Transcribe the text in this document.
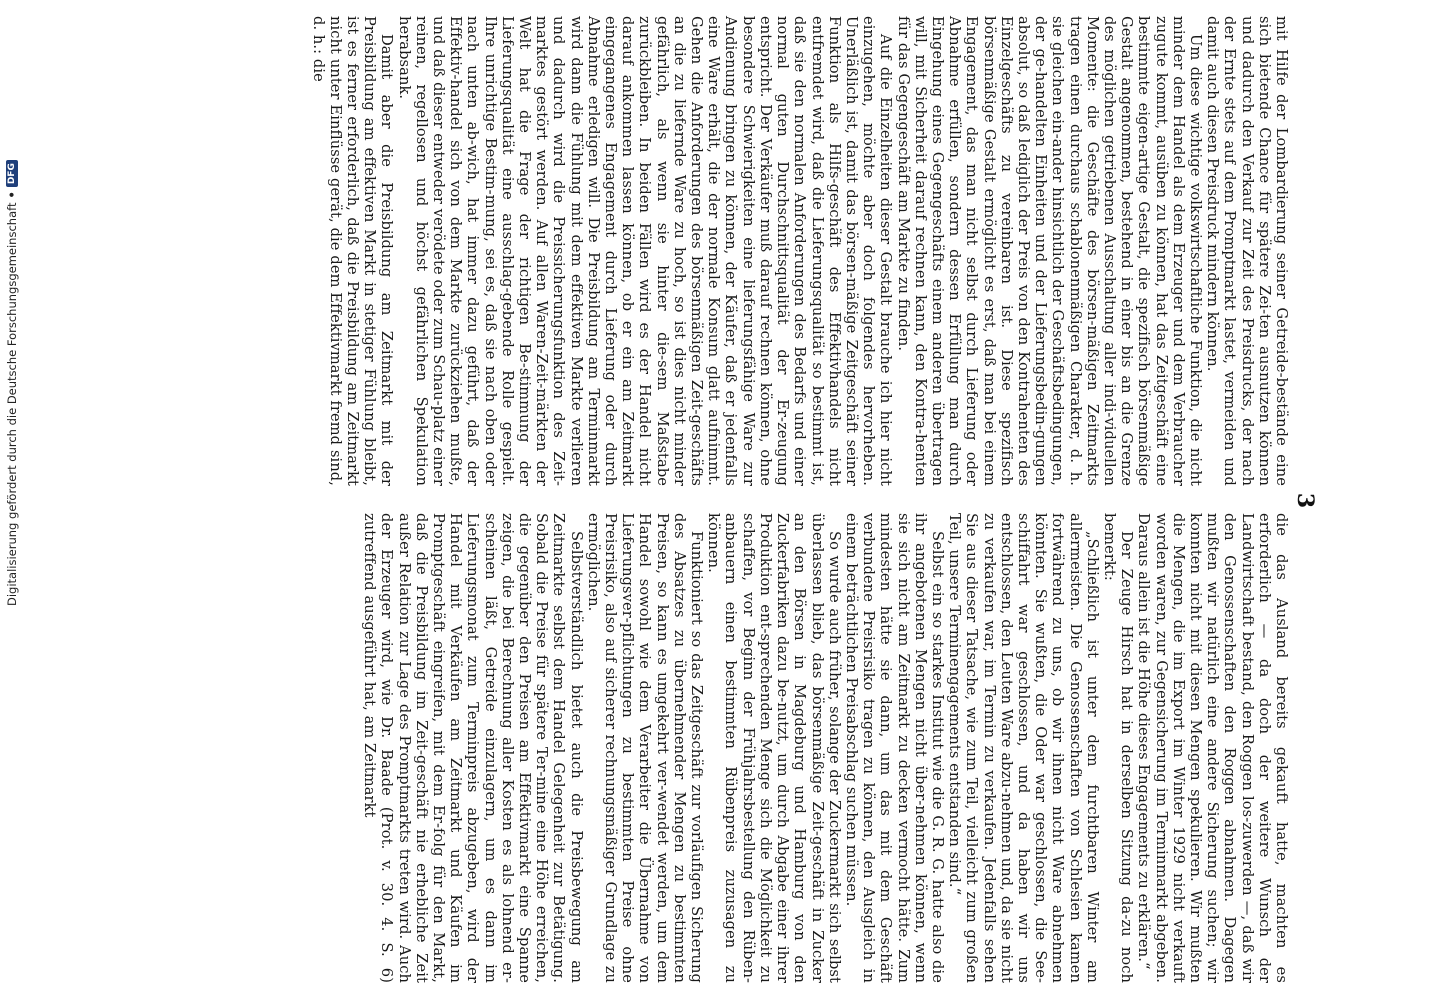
3

mit Hilfe der Lombardierung seiner Getreide-bestände eine sich bietende Chance für spätere Zei-ten ausnutzen können und dadurch den Verkauf zur Zeit des Preisdrucks, der nach der Ernte stets auf dem Promptmarkt lastet, vermeiden und damit auch diesen Preisdruck mindern können.

Um diese wichtige volkswirtschaftliche Funktion, die nicht minder dem Handel als dem Erzeuger und dem Verbraucher zugute kommt, ausüben zu können, hat das Zeitgeschäft eine bestimmte eigen-artige Gestalt, die spezifisch börsenmäßige Gestalt angenommen, bestehend in einer bis an die Grenze des möglichen getriebenen Ausschaltung aller indi-viduellen Momente: die Geschäfte des börsen-mäßigen Zeitmarkts tragen einen durchaus schablonenmäßigen Charakter, d. h. sie gleichen ein-ander hinsichtlich der Geschäftsbedingungen, der ge-handelten Einheiten und der Lieferungsbedin-gungen absolut, so daß lediglich der Preis von den Kontrahenten des Einzelgeschäfts zu vereinbaren ist. Diese spezifisch börsenmäßige Gestalt ermöglicht es erst, daß man bei einem Engagement, das man nicht selbst durch Lieferung oder Abnahme erfüllen, sondern dessen Erfüllung man durch Eingehung eines Gegengeschäfts einem anderen übertragen will, mit Sicherheit darauf rechnen kann, den Kontra-henten für das Gegengeschäft am Markte zu finden.

Auf die Einzelheiten dieser Gestalt brauche ich hier nicht einzugehen, möchte aber doch folgendes hervorheben. Unerläßlich ist, damit das börsen-mäßige Zeitgeschäft seiner Funktion als Hilfs-geschäft des Effektivhandels nicht entfremdet wird, daß die Lieferungsqualität so bestimmt ist, daß sie den normalen Anforderungen des Bedarfs und einer normal guten Durchschnittsqualität der Er-zeugung entspricht. Der Verkäufer muß darauf rechnen können, ohne besondere Schwierigkeiten eine lieferungsfähige Ware zur Andienung bringen zu können, der Käufer, daß er jedenfalls eine Ware erhält, die der normale Konsum glatt aufnimmt. Gehen die Anforderungen des börsenmäßigen Zeit-geschäfts an die zu liefernde Ware zu hoch, so ist dies nicht minder gefährlich, als wenn sie hinter die-sem Maßstabe zurückbleiben. In beiden Fällen wird es der Handel nicht darauf ankommen lassen können, ob er ein am Zeitmarkt eingegangenes Engagement durch Lieferung oder durch Abnahme erledigen will. Die Preisbildung am Terminmarkt wird dann die Fühlung mit dem effektiven Markte verlieren und dadurch wird die Preissicherungsfunktion des Zeit-marktes gestört werden. Auf allen Waren-Zeit-märkten der Welt hat die Frage der richtigen Be-stimmung der Lieferungsqualität eine ausschlag-gebende Rolle gespielt. Ihre unrichtige Bestim-mung, sei es, daß sie nach oben oder nach unten ab-wich, hat immer dazu geführt, daß der Effektiv-handel sich von dem Markte zurückziehen mußte, und daß dieser entweder verödete oder zum Schau-platz einer reinen, regellosen und höchst gefährlichen Spekulation herabsank.

Damit aber die Preisbildung am Zeitmarkt mit der Preisbildung am effektiven Markt in stetiger Fühlung bleibt, ist es ferner erforderlich, daß die Preisbildung am Zeitmarkt nicht unter Einflüsse gerät, die dem Effektivmarkt fremd sind, d. h.: die

die das Ausland bereits gekauft hatte, machten es erforderlich — da doch der weitere Wunsch der Landwirtschaft bestand, den Roggen los-zuwerden —, daß wir den Genossenschaften den Roggen abnahmen. Dagegen mußten wir natürlich eine andere Sicherung suchen; wir konnten nicht mit diesen Mengen spekulieren. Wir mußten die Mengen, die im Export im Winter 1929 nicht verkauft worden waren, zur Gegensicherung im Terminmarkt abgeben. Daraus allein ist die Höhe dieses Engagements zu erklären.“

Der Zeuge Hirsch hat in derselben Sitzung da-zu noch bemerkt:

„Schließlich ist unter dem furchtbaren Winter am allermeisten. Die Genossenschaften von Schlesien kamen fortwährend zu uns, ob wir ihnen nicht Ware abnehmen könnten. Sie wußten, die Oder war geschlossen, die See-schiffahrt war geschlossen, und da haben wir uns entschlossen, den Leuten Ware abzu-nehmen und, da sie nicht zu verkaufen war, im Termin zu verkaufen. Jedenfalls sehen Sie aus dieser Tatsache, wie zum Teil, vielleicht zum großen Teil, unsere Terminengagements entstanden sind.“

Selbst ein so starkes Institut wie die G. R. G. hatte also die ihr angebotenen Mengen nicht über-nehmen können, wenn sie sich nicht am Zeitmarkt zu decken vermocht hätte. Zum mindesten hätte sie dann, um das mit dem Geschäft verbundene Preisrisiko tragen zu können, den Ausgleich in einem beträchtlichen Preisabschlag suchen müssen.

So wurde auch früher, solange der Zuckermarkt sich selbst überlassen blieb, das börsenmäßige Zeit-geschäft in Zucker an den Börsen in Magdeburg und Hamburg von den Zuckerfabriken dazu be-nutzt, um durch Abgabe einer ihrer Produktion ent-sprechenden Menge sich die Möglichkeit zu schaffen, vor Beginn der Frühjahrsbestellung den Rüben-anbauern einen bestimmten Rübenpreis zuzusagen zu können.

Funktioniert so das Zeitgeschäft zur vorläufigen Sicherung des Absatzes zu übernehmender Mengen zu bestimmten Preisen, so kann es umgekehrt ver-wendet werden, um dem Handel sowohl wie dem Verarbeiter die Übernahme von Lieferungsver-pflichtungen zu bestimmten Preise ohne Preisrisiko, also auf sicherer rechnungsmäßiger Grundlage zu ermöglichen.

Selbstverständlich bietet auch die Preisbewegung am Zeitmarkte selbst dem Handel Gelegenheit zur Betätigung. Sobald die Preise für spätere Ter-mine eine Höhe erreichen, die gegenüber den Preisen am Effektivmarkt eine Spanne zeigen, die bei Berechnung aller Kosten es als lohnend er-scheinen läßt, Getreide einzulagern, um es dann im Lieferungsmonat zum Terminpreis abzugeben, wird der Handel mit Verkäufen am Zeitmarkt und Käufen im Promptgeschäft eingreifen, mit dem Er-folg für den Markt, daß die Preisbildung im Zeit-geschäft nie erhebliche Zeit außer Relation zur Lage des Promptmarkts treten wird. Auch der Erzeuger wird, wie Dr. Baade (Prot. v. 30. 4. S. 6) zutreffend ausgeführt hat, am Zeitmarkt

Digitalisierung gefördert durch die Deutsche Forschungsgemeinschaft
•
DFG
